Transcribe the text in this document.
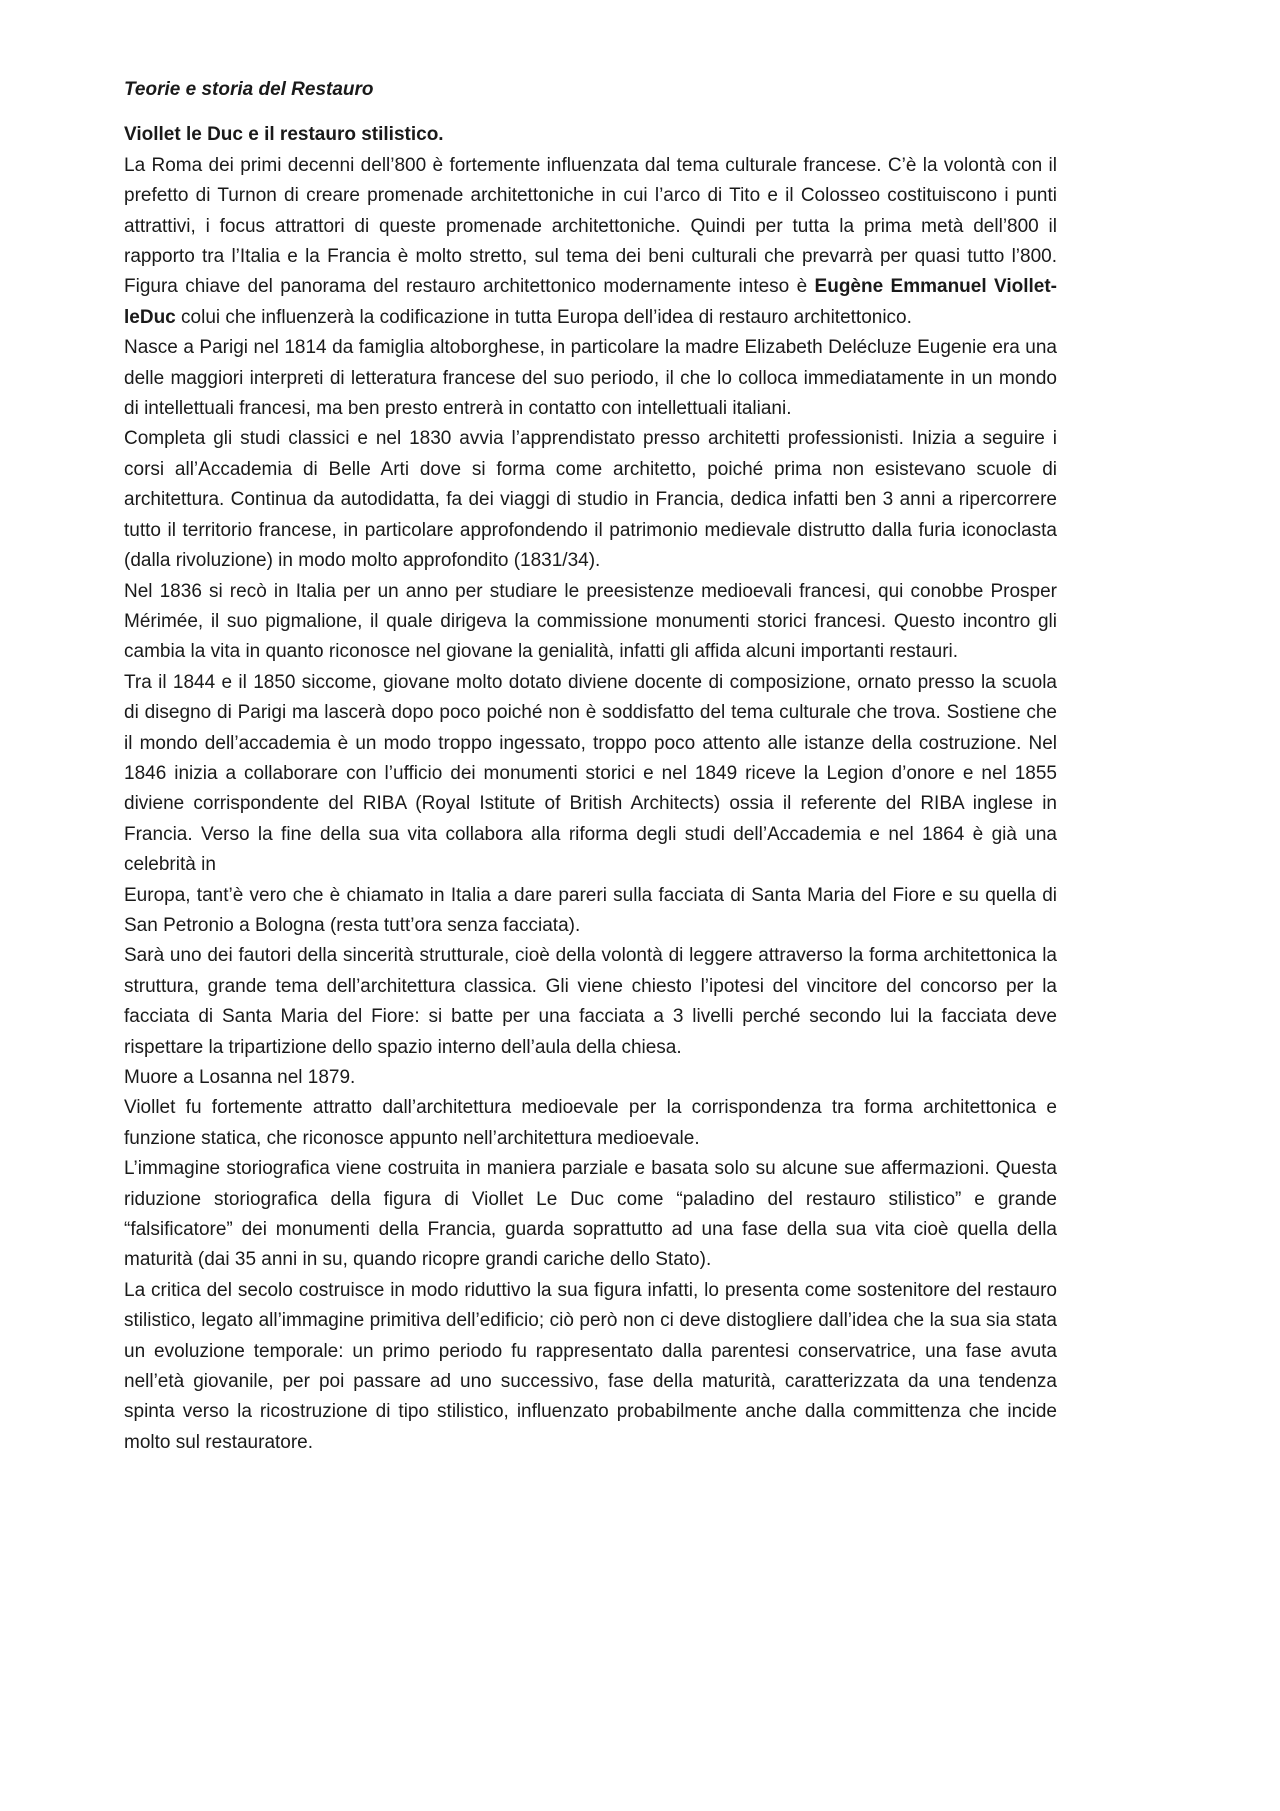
Teorie e storia del Restauro

Viollet le Duc e il restauro stilistico.

La Roma dei primi decenni dell’800 è fortemente influenzata dal tema culturale francese. C’è la volontà con il prefetto di Turnon di creare promenade architettoniche in cui l’arco di Tito e il Colosseo costituiscono i punti attrattivi, i focus attrattori di queste promenade architettoniche. Quindi per tutta la prima metà dell’800 il rapporto tra l’Italia e la Francia è molto stretto, sul tema dei beni culturali che prevarrà per quasi tutto l’800. Figura chiave del panorama del restauro architettonico modernamente inteso è Eugène Emmanuel Viollet-leDuc colui che influenzerà la codificazione in tutta Europa dell’idea di restauro architettonico.

Nasce a Parigi nel 1814 da famiglia altoborghese, in particolare la madre Elizabeth Delécluze Eugenie era una delle maggiori interpreti di letteratura francese del suo periodo, il che lo colloca immediatamente in un mondo di intellettuali francesi, ma ben presto entrerà in contatto con intellettuali italiani.

Completa gli studi classici e nel 1830 avvia l’apprendistato presso architetti professionisti. Inizia a seguire i corsi all’Accademia di Belle Arti dove si forma come architetto, poiché prima non esistevano scuole di architettura. Continua da autodidatta, fa dei viaggi di studio in Francia, dedica infatti ben 3 anni a ripercorrere tutto il territorio francese, in particolare approfondendo il patrimonio medievale distrutto dalla furia iconoclasta (dalla rivoluzione) in modo molto approfondito (1831/34).

Nel 1836 si recò in Italia per un anno per studiare le preesistenze medioevali francesi, qui conobbe Prosper Mérimée, il suo pigmalione, il quale dirigeva la commissione monumenti storici francesi. Questo incontro gli cambia la vita in quanto riconosce nel giovane la genialità, infatti gli affida alcuni importanti restauri.

Tra il 1844 e il 1850 siccome, giovane molto dotato diviene docente di composizione, ornato presso la scuola di disegno di Parigi ma lascerà dopo poco poiché non è soddisfatto del tema culturale che trova. Sostiene che il mondo dell’accademia è un modo troppo ingessato, troppo poco attento alle istanze della costruzione. Nel 1846 inizia a collaborare con l’ufficio dei monumenti storici e nel 1849 riceve la Legion d’onore e nel 1855 diviene corrispondente del RIBA (Royal Istitute of British Architects) ossia il referente del RIBA inglese in Francia. Verso la fine della sua vita collabora alla riforma degli studi dell’Accademia e nel 1864 è già una celebrità in

Europa, tant’è vero che è chiamato in Italia a dare pareri sulla facciata di Santa Maria del Fiore e su quella di San Petronio a Bologna (resta tutt’ora senza facciata).

Sarà uno dei fautori della sincerità strutturale, cioè della volontà di leggere attraverso la forma architettonica la struttura, grande tema dell’architettura classica. Gli viene chiesto l’ipotesi del vincitore del concorso per la facciata di Santa Maria del Fiore: si batte per una facciata a 3 livelli perché secondo lui la facciata deve rispettare la tripartizione dello spazio interno dell’aula della chiesa.

Muore a Losanna nel 1879.

Viollet fu fortemente attratto dall’architettura medioevale per la corrispondenza tra forma architettonica e funzione statica, che riconosce appunto nell’architettura medioevale.

L’immagine storiografica viene costruita in maniera parziale e basata solo su alcune sue affermazioni. Questa riduzione storiografica della figura di Viollet Le Duc come “paladino del restauro stilistico” e grande “falsificatore” dei monumenti della Francia, guarda soprattutto ad una fase della sua vita cioè quella della maturità (dai 35 anni in su, quando ricopre grandi cariche dello Stato).

La critica del secolo costruisce in modo riduttivo la sua figura infatti, lo presenta come sostenitore del restauro stilistico, legato all’immagine primitiva dell’edificio; ciò però non ci deve distogliere dall’idea che la sua sia stata un evoluzione temporale: un primo periodo fu rappresentato dalla parentesi conservatrice, una fase avuta nell’età giovanile, per poi passare ad uno successivo, fase della maturità, caratterizzata da una tendenza spinta verso la ricostruzione di tipo stilistico, influenzato probabilmente anche dalla committenza che incide molto sul restauratore.
